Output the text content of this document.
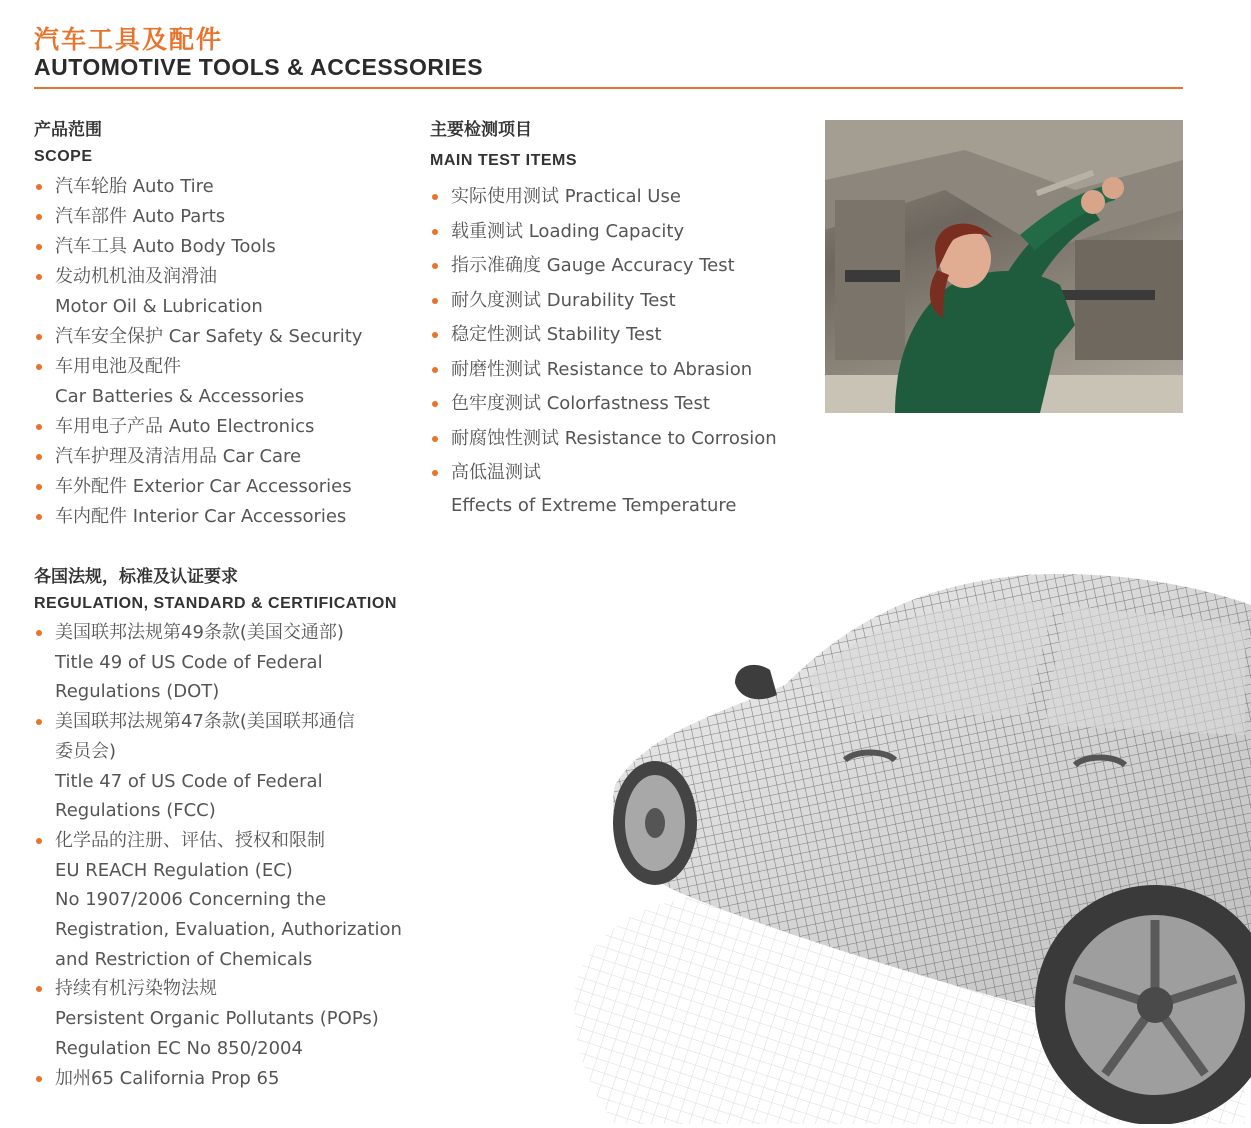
汽车工具及配件
AUTOMOTIVE TOOLS & ACCESSORIES
产品范围
SCOPE
汽车轮胎 Auto Tire
汽车部件 Auto Parts
汽车工具 Auto Body Tools
发动机机油及润滑油
Motor Oil & Lubrication
汽车安全保护 Car Safety & Security
车用电池及配件
Car Batteries & Accessories
车用电子产品 Auto Electronics
汽车护理及清洁用品 Car Care
车外配件 Exterior Car Accessories
车内配件 Interior Car Accessories
主要检测项目
MAIN TEST ITEMS
实际使用测试 Practical Use
载重测试 Loading Capacity
指示准确度 Gauge Accuracy Test
耐久度测试 Durability Test
稳定性测试 Stability Test
耐磨性测试 Resistance to Abrasion
色牢度测试 Colorfastness Test
耐腐蚀性测试 Resistance to Corrosion
高低温测试
Effects of Extreme Temperature
各国法规，标准及认证要求
REGULATION, STANDARD & CERTIFICATION
美国联邦法规第49条款(美国交通部)
Title 49 of US Code of Federal
Regulations (DOT)
美国联邦法规第47条款(美国联邦通信
委员会)
Title 47 of US Code of Federal
Regulations (FCC)
化学品的注册、评估、授权和限制
EU REACH Regulation (EC)
No 1907/2006 Concerning the
Registration, Evaluation, Authorization
and Restriction of Chemicals
持续有机污染物法规
Persistent Organic Pollutants (POPs)
Regulation EC No 850/2004
加州65 California Prop 65
